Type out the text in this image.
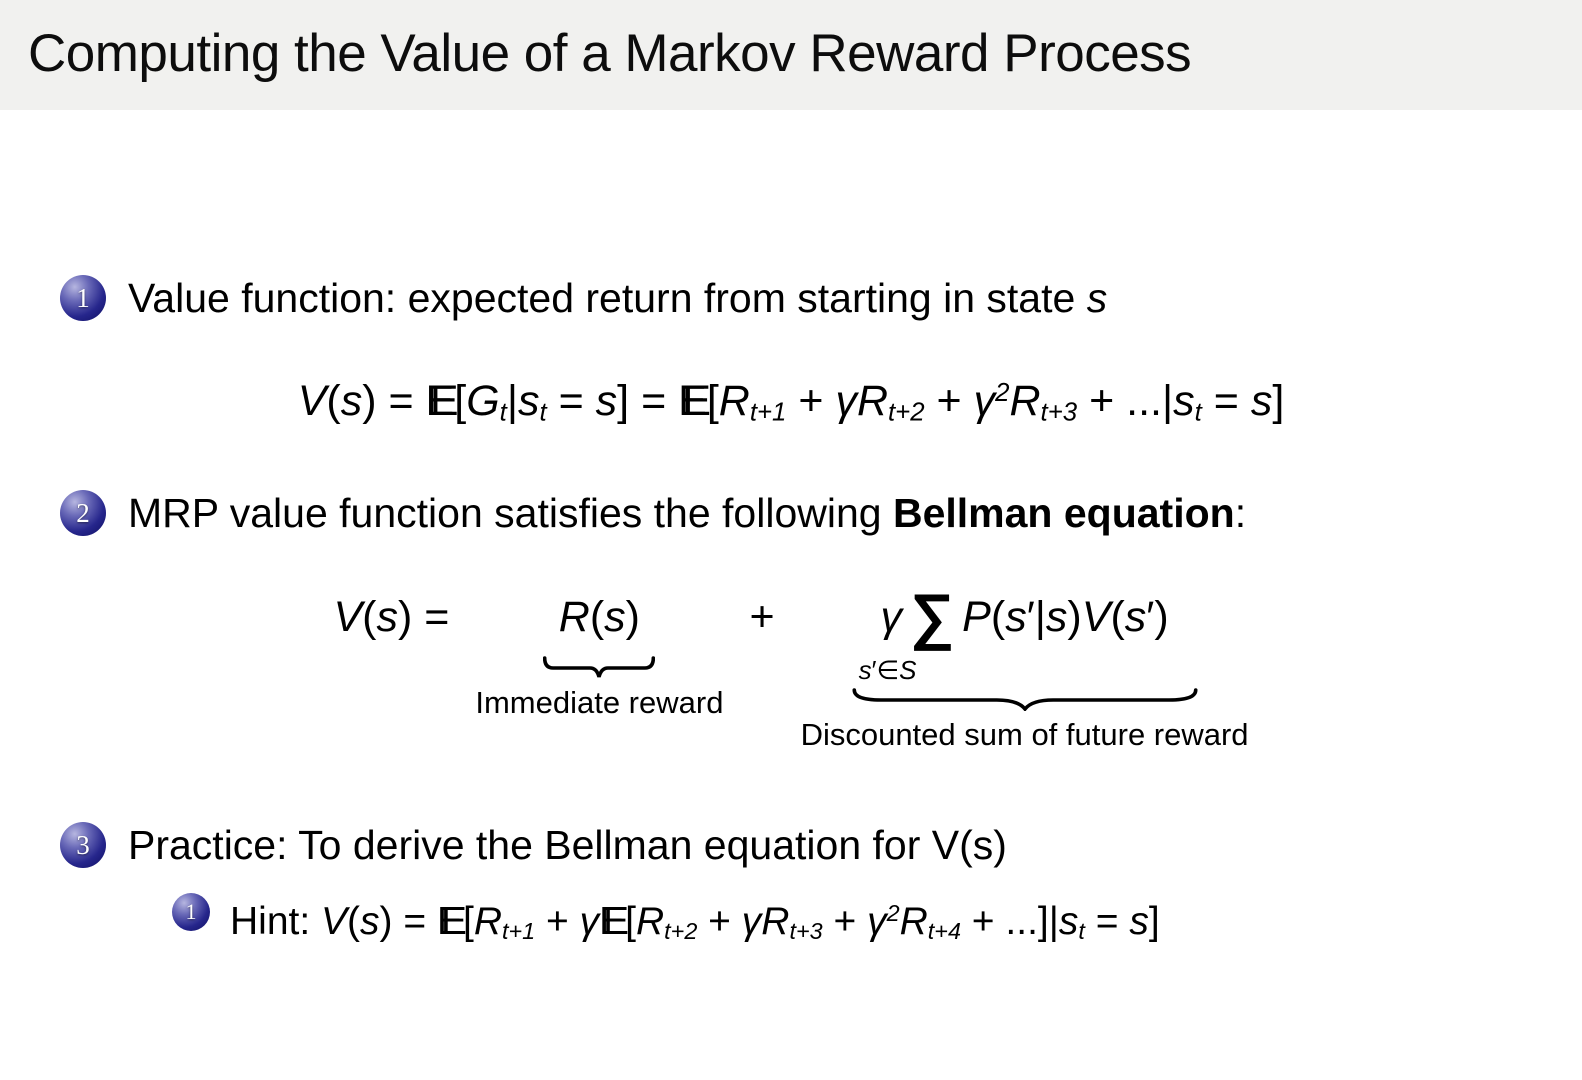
Computing the Value of a Markov Reward Process
1 Value function: expected return from starting in state s
V(s) = E E[Gt|st = s] = E $E[Rt+1 + \gamma Rt+2 + \gamma^2Rt+3 + ...|st = s]$
2 MRP value function satisfies the following Bellman equation:
V(s) =	R(s)
Immediate reward
+ γ ∑ P(s′|s)V(s′)
s′∈S
Discounted sum of future reward
3 Practice: To derive the Bellman equation for V(s)
1 Hint: V(s) = E E[Rt+1 + γE $E[Rt+2 + \gamma Rt+3 + \gamma^2Rt+4 + ...]|st = s$]
